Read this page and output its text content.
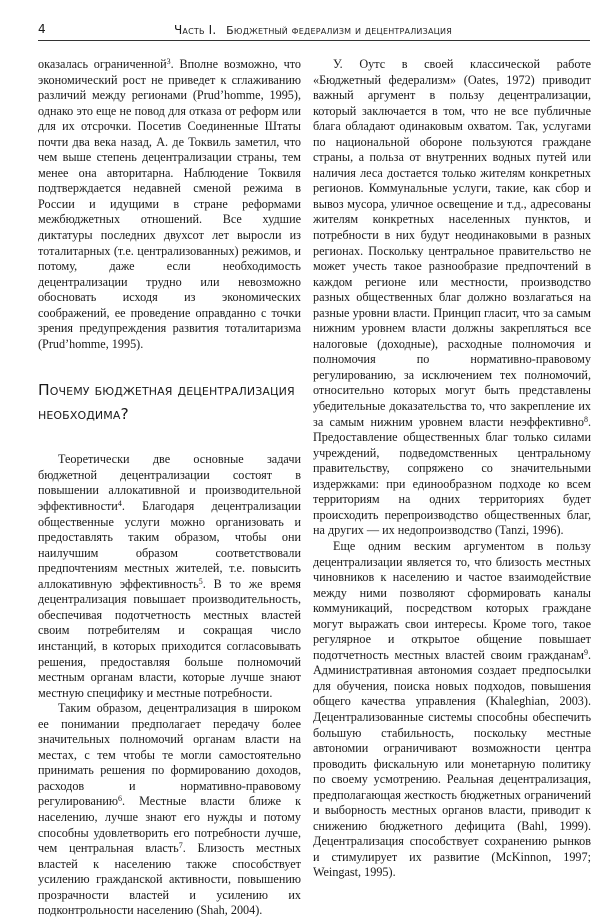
4	Часть I. Бюджетный федерализм и децентрализация

оказалась ограниченной$^3$. Вполне возможно, что экономический рост не приведет к сглаживанию различий между регионами (Prud’homme, 1995), однако это еще не повод для отказа от реформ или для их отсрочки. Посетив Соединенные Штаты почти два века назад, А. де Токвиль заметил, что чем выше степень децентрализации страны, тем менее она авторитарна. Наблюдение Токвиля подтверждается недавней сменой режима в России и идущими в стране реформами межбюджетных отношений. Все худшие диктатуры последних двухсот лет выросли из тоталитарных (т.е. централизованных) режимов, и потому, даже если необходимость децентрализации трудно или невозможно обосновать исходя из экономических соображений, ее проведение оправданно с точки зрения предупреждения развития тоталитаризма (Prud’homme, 1995).

Почему бюджетная децентрализация необходима?

Теоретически две основные задачи бюджетной децентрализации состоят в повышении аллокативной и производительной эффективности$^4$. Благодаря децентрализации общественные услуги можно организовать и предоставлять таким образом, чтобы они наилучшим образом соответствовали предпочтениям местных жителей, т.е. повысить аллокативную эффективность$^5$. В то же время децентрализация повышает производительность, обеспечивая подотчетность местных властей своим потребителям и сокращая число инстанций, в которых приходится согласовывать решения, предоставляя больше полномочий местным органам власти, которые лучше знают местную специфику и местные потребности.

Таким образом, децентрализация в широком ее понимании предполагает передачу более значительных полномочий органам власти на местах, с тем чтобы те могли самостоятельно принимать решения по формированию доходов, расходов и нормативно-правовому регулированию$^6$. Местные власти ближе к населению, лучше знают его нужды и потому способны удовлетворить его потребности лучше, чем центральная власть$^7$. Близость местных властей к населению также способствует усилению гражданской активности, повышению прозрачности властей и усилению их подконтрольности населению (Shah, 2004).

У. Оутс в своей классической работе «Бюджетный федерализм» (Oates, 1972) приводит важный аргумент в пользу децентрализации, который заключается в том, что не все публичные блага обладают одинаковым охватом. Так, услугами по национальной обороне пользуются граждане страны, а польза от внутренних водных путей или наличия леса достается только жителям конкретных регионов. Коммунальные услуги, такие, как сбор и вывоз мусора, уличное освещение и т.д., адресованы жителям конкретных населенных пунктов, и потребности в них будут неодинаковыми в разных регионах. Поскольку центральное правительство не может учесть такое разнообразие предпочтений в каждом регионе или местности, производство разных общественных благ должно возлагаться на разные уровни власти. Принцип гласит, что за самым нижним уровнем власти должны закрепляться все налоговые (доходные), расходные полномочия и полномочия по нормативно-правовому регулированию, за исключением тех полномочий, относительно которых могут быть представлены убедительные доказательства то, что закрепление их за самым нижним уровнем власти неэффективно$^8$. Предоставление общественных благ только силами учреждений, подведомственных центральному правительству, сопряжено со значительными издержками: при единообразном подходе ко всем территориям на одних территориях будет происходить перепроизводство общественных благ, на других — их недопроизводство (Tanzi, 1996).

Еще одним веским аргументом в пользу децентрализации является то, что близость местных чиновников к населению и частое взаимодействие между ними позволяют сформировать каналы коммуникаций, посредством которых граждане могут выражать свои интересы. Кроме того, такое регулярное и открытое общение повышает подотчетность местных властей своим гражданам$^9$. Административная автономия создает предпосылки для обучения, поиска новых подходов, повышения общего качества управления (Khaleghian, 2003). Децентрализованные системы способны обеспечить большую стабильность, поскольку местные автономии ограничивают возможности центра проводить фискальную или монетарную политику по своему усмотрению. Реальная децентрализация, предполагающая жесткость бюджетных ограничений и выборность местных органов власти, приводит к снижению бюджетного дефицита (Bahl, 1999). Децентрализация способствует сохранению рынков и стимулирует их развитие (McKinnon, 1997; Weingast, 1995).
